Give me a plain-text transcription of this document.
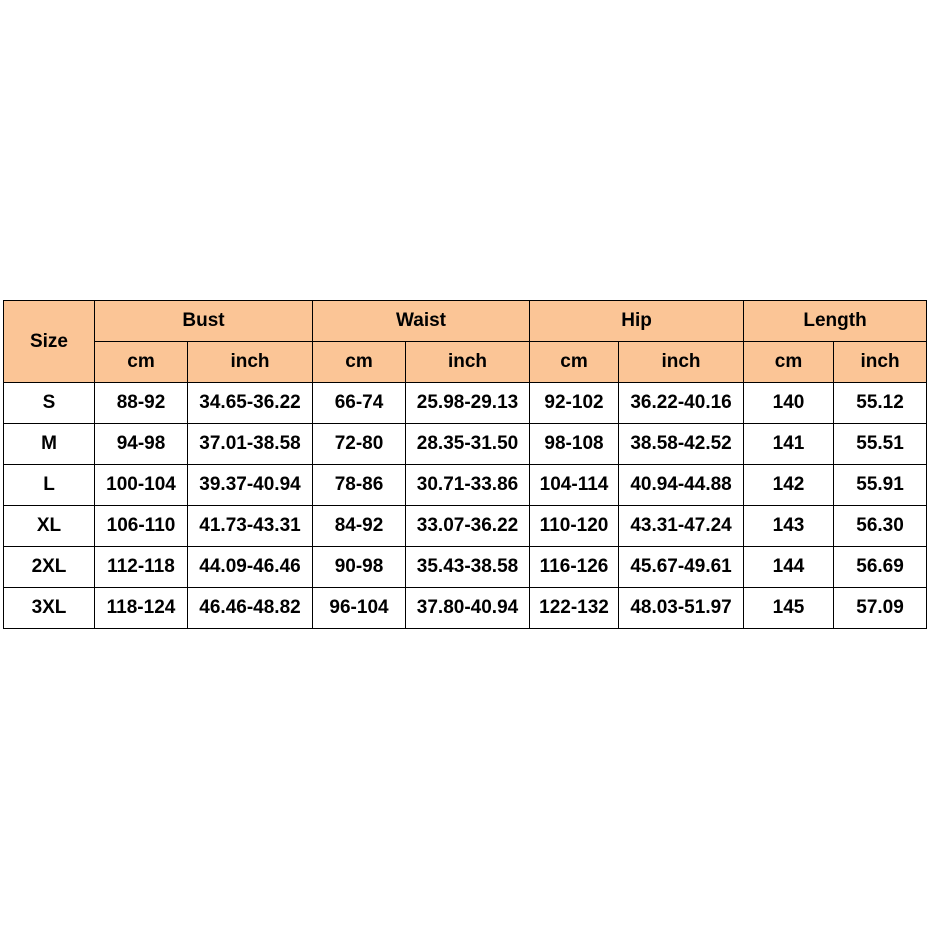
Size	Bust		Waist		Hip		Length	
	cm	inch	cm	inch	cm	inch	cm	inch
S	88-92	34.65-36.22	66-74	25.98-29.13	92-102	36.22-40.16	140	55.12
M	94-98	37.01-38.58	72-80	28.35-31.50	98-108	38.58-42.52	141	55.51
L	100-104	39.37-40.94	78-86	30.71-33.86	104-114	40.94-44.88	142	55.91
XL	106-110	41.73-43.31	84-92	33.07-36.22	110-120	43.31-47.24	143	56.30
2XL	112-118	44.09-46.46	90-98	35.43-38.58	116-126	45.67-49.61	144	56.69
3XL	118-124	46.46-48.82	96-104	37.80-40.94	122-132	48.03-51.97	145	57.09
